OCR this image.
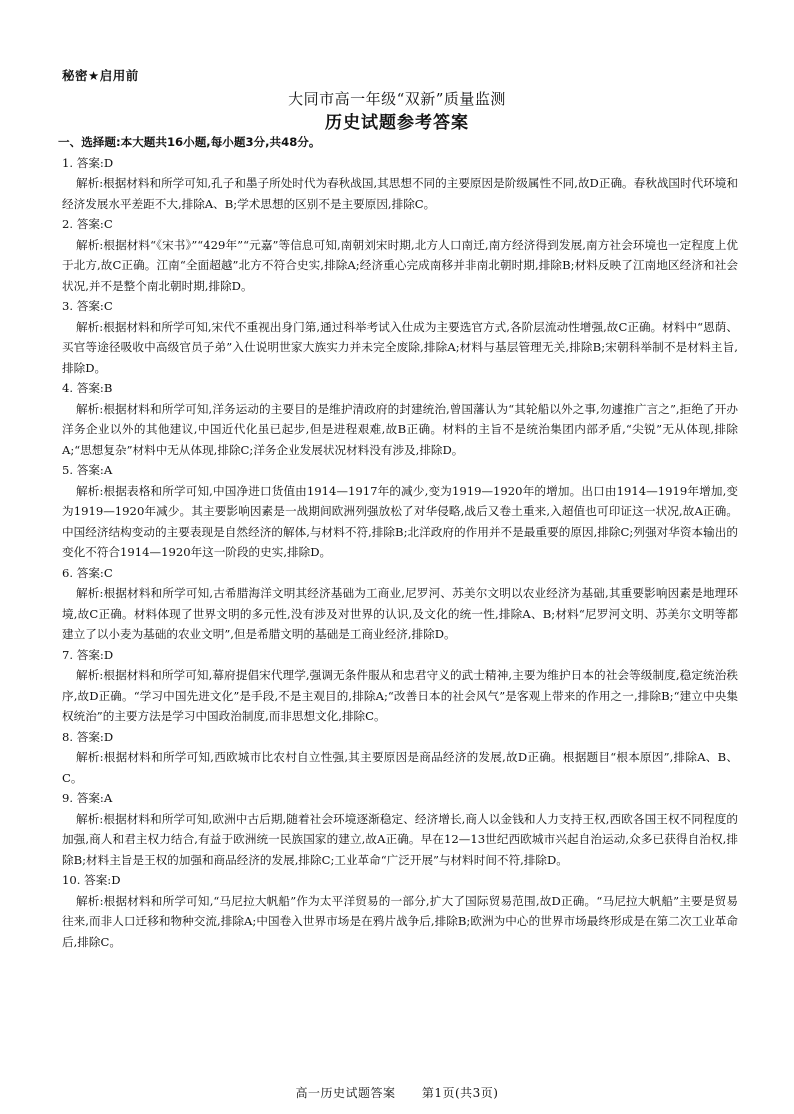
秘密★启用前
大同市高一年级“双新”质量监测
历史试题参考答案
一、选择题:本大题共16小题,每小题3分,共48分。

1. 答案:D

解析:根据材料和所学可知,孔子和墨子所处时代为春秋战国,其思想不同的主要原因是阶级属性不同,故D正确。春秋战国时代环境和经济发展水平差距不大,排除A、B;学术思想的区别不是主要原因,排除C。

2. 答案:C

解析:根据材料“《宋书》”“429年”“元嘉”等信息可知,南朝刘宋时期,北方人口南迁,南方经济得到发展,南方社会环境也一定程度上优于北方,故C正确。江南“全面超越”北方不符合史实,排除A;经济重心完成南移并非南北朝时期,排除B;材料反映了江南地区经济和社会状况,并不是整个南北朝时期,排除D。

3. 答案:C

解析:根据材料和所学可知,宋代不重视出身门第,通过科举考试入仕成为主要选官方式,各阶层流动性增强,故C正确。材料中“恩荫、买官等途径吸收中高级官员子弟”入仕说明世家大族实力并未完全废除,排除A;材料与基层管理无关,排除B;宋朝科举制不是材料主旨,排除D。

4. 答案:B

解析:根据材料和所学可知,洋务运动的主要目的是维护清政府的封建统治,曾国藩认为“其轮船以外之事,勿遽推广言之”,拒绝了开办洋务企业以外的其他建议,中国近代化虽已起步,但是进程艰难,故B正确。材料的主旨不是统治集团内部矛盾,“尖锐”无从体现,排除A;“思想复杂”材料中无从体现,排除C;洋务企业发展状况材料没有涉及,排除D。

5. 答案:A

解析:根据表格和所学可知,中国净进口货值由1914—1917年的减少,变为1919—1920年的增加。出口由1914—1919年增加,变为1919—1920年减少。其主要影响因素是一战期间欧洲列强放松了对华侵略,战后又卷土重来,入超值也可印证这一状况,故A正确。中国经济结构变动的主要表现是自然经济的解体,与材料不符,排除B;北洋政府的作用并不是最重要的原因,排除C;列强对华资本输出的变化不符合1914—1920年这一阶段的史实,排除D。

6. 答案:C

解析:根据材料和所学可知,古希腊海洋文明其经济基础为工商业,尼罗河、苏美尔文明以农业经济为基础,其重要影响因素是地理环境,故C正确。材料体现了世界文明的多元性,没有涉及对世界的认识,及文化的统一性,排除A、B;材料“尼罗河文明、苏美尔文明等都建立了以小麦为基础的农业文明”,但是希腊文明的基础是工商业经济,排除D。

7. 答案:D

解析:根据材料和所学可知,幕府提倡宋代理学,强调无条件服从和忠君守义的武士精神,主要为维护日本的社会等级制度,稳定统治秩序,故D正确。“学习中国先进文化”是手段,不是主观目的,排除A;“改善日本的社会风气”是客观上带来的作用之一,排除B;“建立中央集权统治”的主要方法是学习中国政治制度,而非思想文化,排除C。

8. 答案:D

解析:根据材料和所学可知,西欧城市比农村自立性强,其主要原因是商品经济的发展,故D正确。根据题目“根本原因”,排除A、B、C。

9. 答案:A

解析:根据材料和所学可知,欧洲中古后期,随着社会环境逐渐稳定、经济增长,商人以金钱和人力支持王权,西欧各国王权不同程度的加强,商人和君主权力结合,有益于欧洲统一民族国家的建立,故A正确。早在12—13世纪西欧城市兴起自治运动,众多已获得自治权,排除B;材料主旨是王权的加强和商品经济的发展,排除C;工业革命“广泛开展”与材料时间不符,排除D。

10. 答案:D

解析:根据材料和所学可知,“马尼拉大帆船”作为太平洋贸易的一部分,扩大了国际贸易范围,故D正确。“马尼拉大帆船”主要是贸易往来,而非人口迁移和物种交流,排除A;中国卷入世界市场是在鸦片战争后,排除B;欧洲为中心的世界市场最终形成是在第二次工业革命后,排除C。

高一历史试题答案 第1页(共3页)
